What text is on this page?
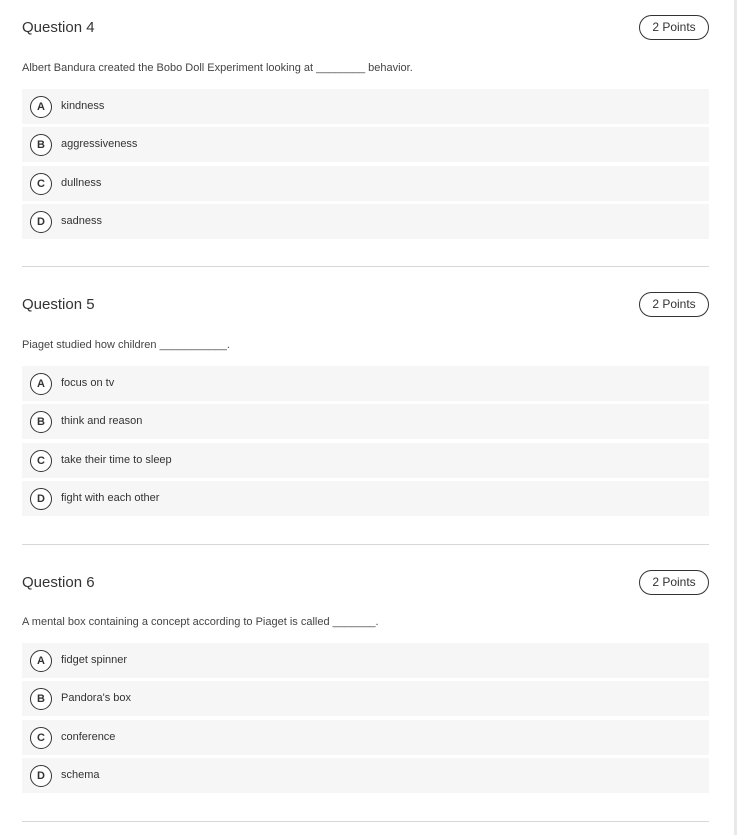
Question 4	2 Points
Albert Bandura created the Bobo Doll Experiment looking at ________ behavior.
A	kindness
B	aggressiveness
C	dullness
D	sadness
Question 5	2 Points
Piaget studied how children ___________.
A	focus on tv
B	think and reason
C	take their time to sleep
D	fight with each other
Question 6	2 Points
A mental box containing a concept according to Piaget is called _______.
A	fidget spinner
B	Pandora's box
C	conference
D	schema
